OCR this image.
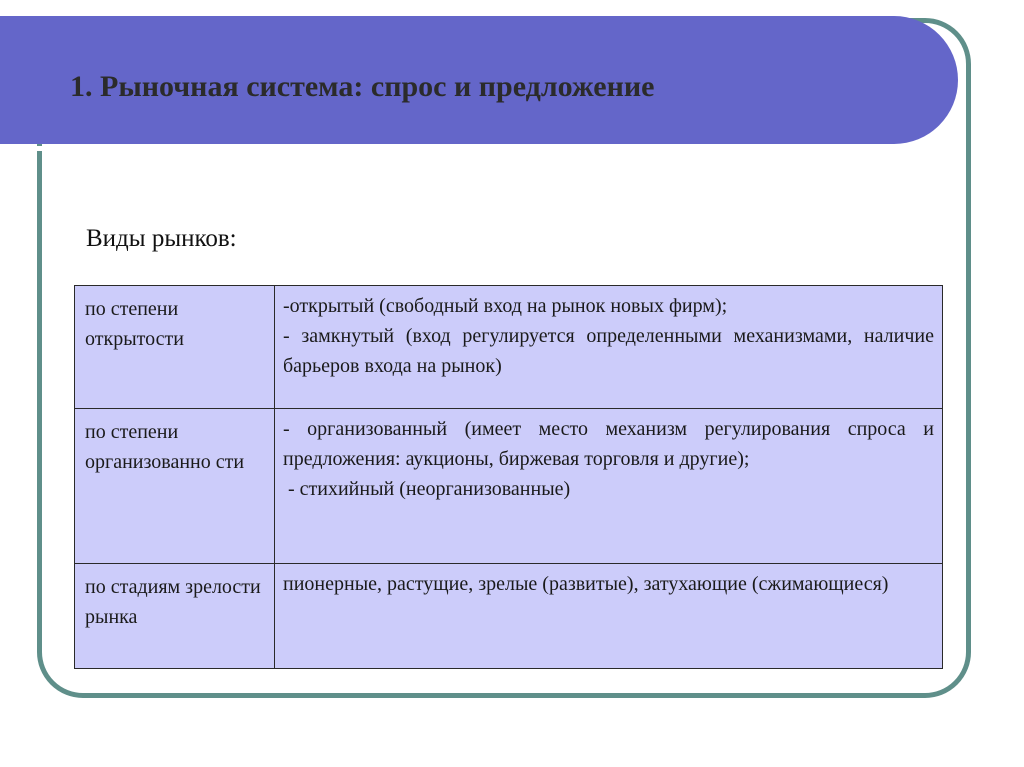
1. Рыночная система: спрос и предложение
Виды рынков:
по степени открытости	-открытый (свободный вход на рынок новых фирм);
- замкнутый (вход регулируется определенными механизмами, наличие барьеров входа на рынок)

по степени организованно сти	- организованный (имеет место механизм регулирования спроса и предложения: аукционы, биржевая торговля и другие);
- стихийный (неорганизованные)

по стадиям зрелости рынка	пионерные, растущие, зрелые (развитые), затухающие (сжимающиеся)
